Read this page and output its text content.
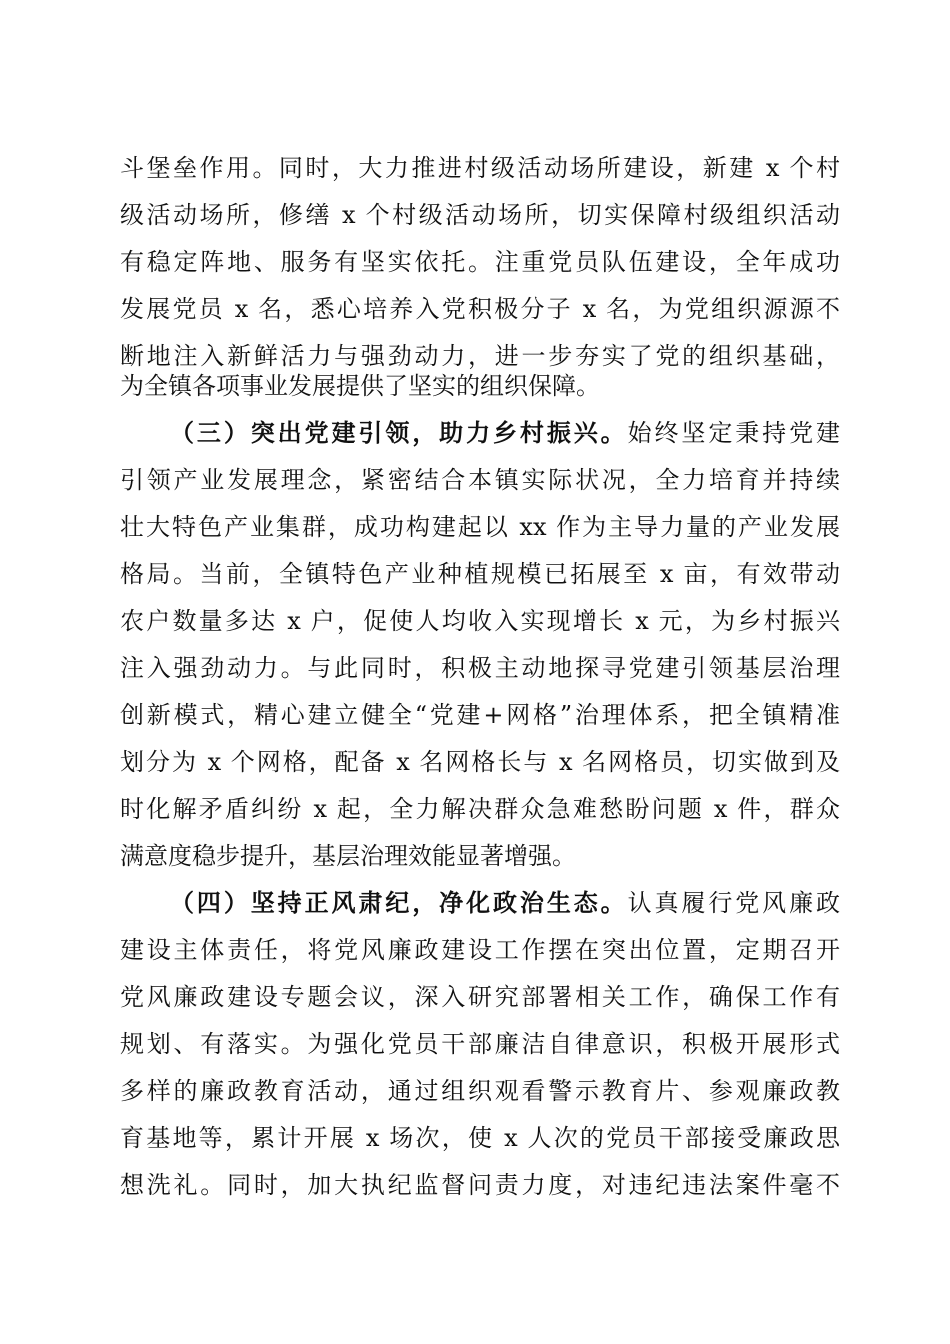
斗堡垒作用。同时，大力推进村级活动场所建设，新建 x 个村
级活动场所，修缮 x 个村级活动场所，切实保障村级组织活动
有稳定阵地、服务有坚实依托。注重党员队伍建设，全年成功
发展党员 x 名，悉心培养入党积极分子 x 名，为党组织源源不
断地注入新鲜活力与强劲动力，进一步夯实了党的组织基础，
为全镇各项事业发展提供了坚实的组织保障。
（三）突出党建引领，助力乡村振兴。始终坚定秉持党建
引领产业发展理念，紧密结合本镇实际状况，全力培育并持续
壮大特色产业集群，成功构建起以 xx 作为主导力量的产业发展
格局。当前，全镇特色产业种植规模已拓展至 x 亩，有效带动
农户数量多达 x 户，促使人均收入实现增长 x 元，为乡村振兴
注入强劲动力。与此同时，积极主动地探寻党建引领基层治理
创新模式，精心建立健全“党建+网格”治理体系，把全镇精准
划分为 x 个网格，配备 x 名网格长与 x 名网格员，切实做到及
时化解矛盾纠纷 x 起，全力解决群众急难愁盼问题 x 件，群众
满意度稳步提升，基层治理效能显著增强。
（四）坚持正风肃纪，净化政治生态。认真履行党风廉政
建设主体责任，将党风廉政建设工作摆在突出位置，定期召开
党风廉政建设专题会议，深入研究部署相关工作，确保工作有
规划、有落实。为强化党员干部廉洁自律意识，积极开展形式
多样的廉政教育活动，通过组织观看警示教育片、参观廉政教
育基地等，累计开展 x 场次，使 x 人次的党员干部接受廉政思
想洗礼。同时，加大执纪监督问责力度，对违纪违法案件毫不
